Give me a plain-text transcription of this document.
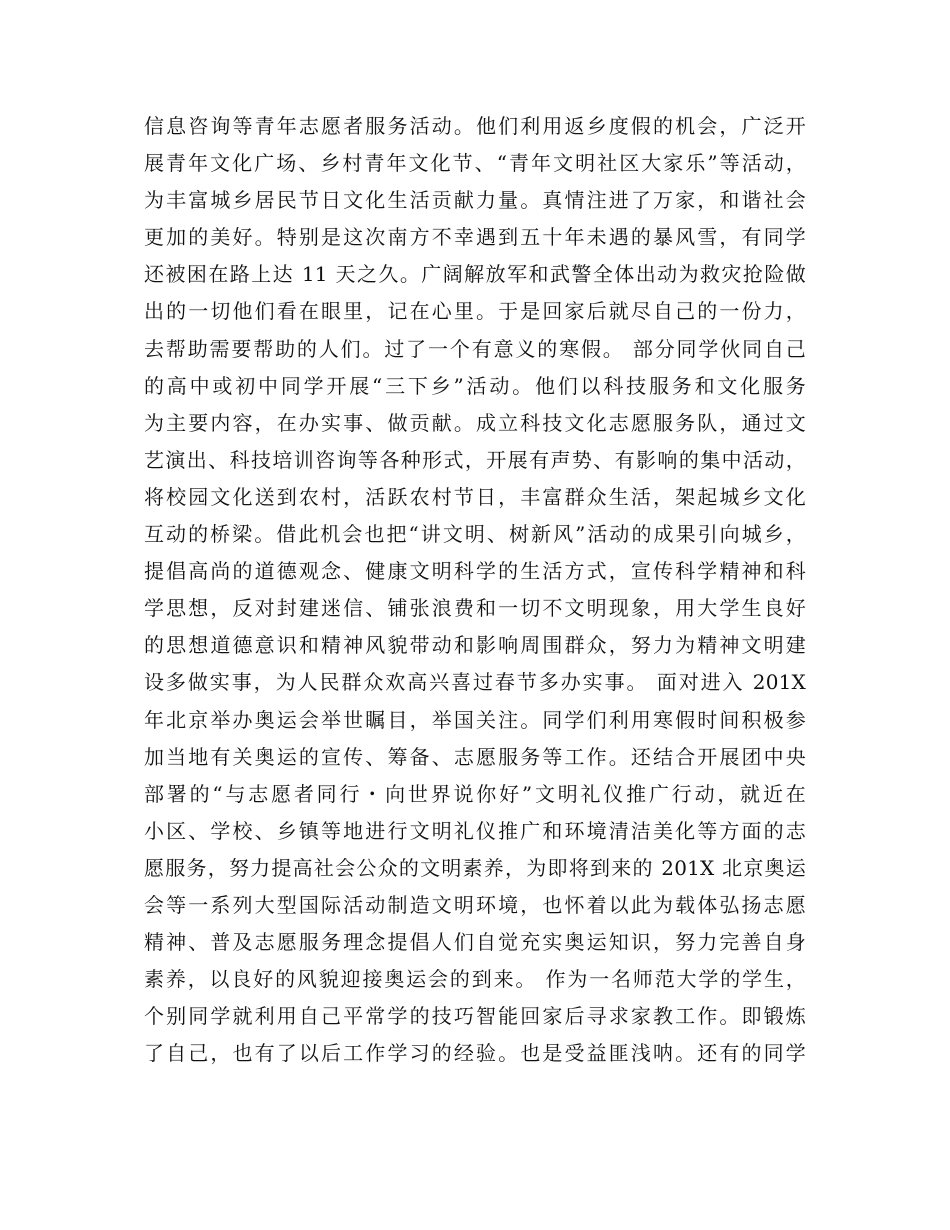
信息咨询等青年志愿者服务活动。他们利用返乡度假的机会，广泛开
展青年文化广场、乡村青年文化节、“青年文明社区大家乐”等活动，
为丰富城乡居民节日文化生活贡献力量。真情注进了万家，和谐社会
更加的美好。特别是这次南方不幸遇到五十年未遇的暴风雪，有同学
还被困在路上达 11 天之久。广阔解放军和武警全体出动为救灾抢险做
出的一切他们看在眼里，记在心里。于是回家后就尽自己的一份力，
去帮助需要帮助的人们。过了一个有意义的寒假。 部分同学伙同自己
的高中或初中同学开展“三下乡”活动。他们以科技服务和文化服务
为主要内容，在办实事、做贡献。成立科技文化志愿服务队，通过文
艺演出、科技培训咨询等各种形式，开展有声势、有影响的集中活动，
将校园文化送到农村，活跃农村节日，丰富群众生活，架起城乡文化
互动的桥梁。借此机会也把“讲文明、树新风”活动的成果引向城乡，
提倡高尚的道德观念、健康文明科学的生活方式，宣传科学精神和科
学思想，反对封建迷信、铺张浪费和一切不文明现象，用大学生良好
的思想道德意识和精神风貌带动和影响周围群众，努力为精神文明建
设多做实事，为人民群众欢高兴喜过春节多办实事。 面对进入 201X
年北京举办奥运会举世瞩目，举国关注。同学们利用寒假时间积极参
加当地有关奥运的宣传、筹备、志愿服务等工作。还结合开展团中央
部署的“与志愿者同行・向世界说你好”文明礼仪推广行动，就近在
小区、学校、乡镇等地进行文明礼仪推广和环境清洁美化等方面的志
愿服务，努力提高社会公众的文明素养，为即将到来的 201X 北京奥运
会等一系列大型国际活动制造文明环境，也怀着以此为载体弘扬志愿
精神、普及志愿服务理念提倡人们自觉充实奥运知识，努力完善自身
素养，以良好的风貌迎接奥运会的到来。 作为一名师范大学的学生，
个别同学就利用自己平常学的技巧智能回家后寻求家教工作。即锻炼
了自己，也有了以后工作学习的经验。也是受益匪浅呐。还有的同学
